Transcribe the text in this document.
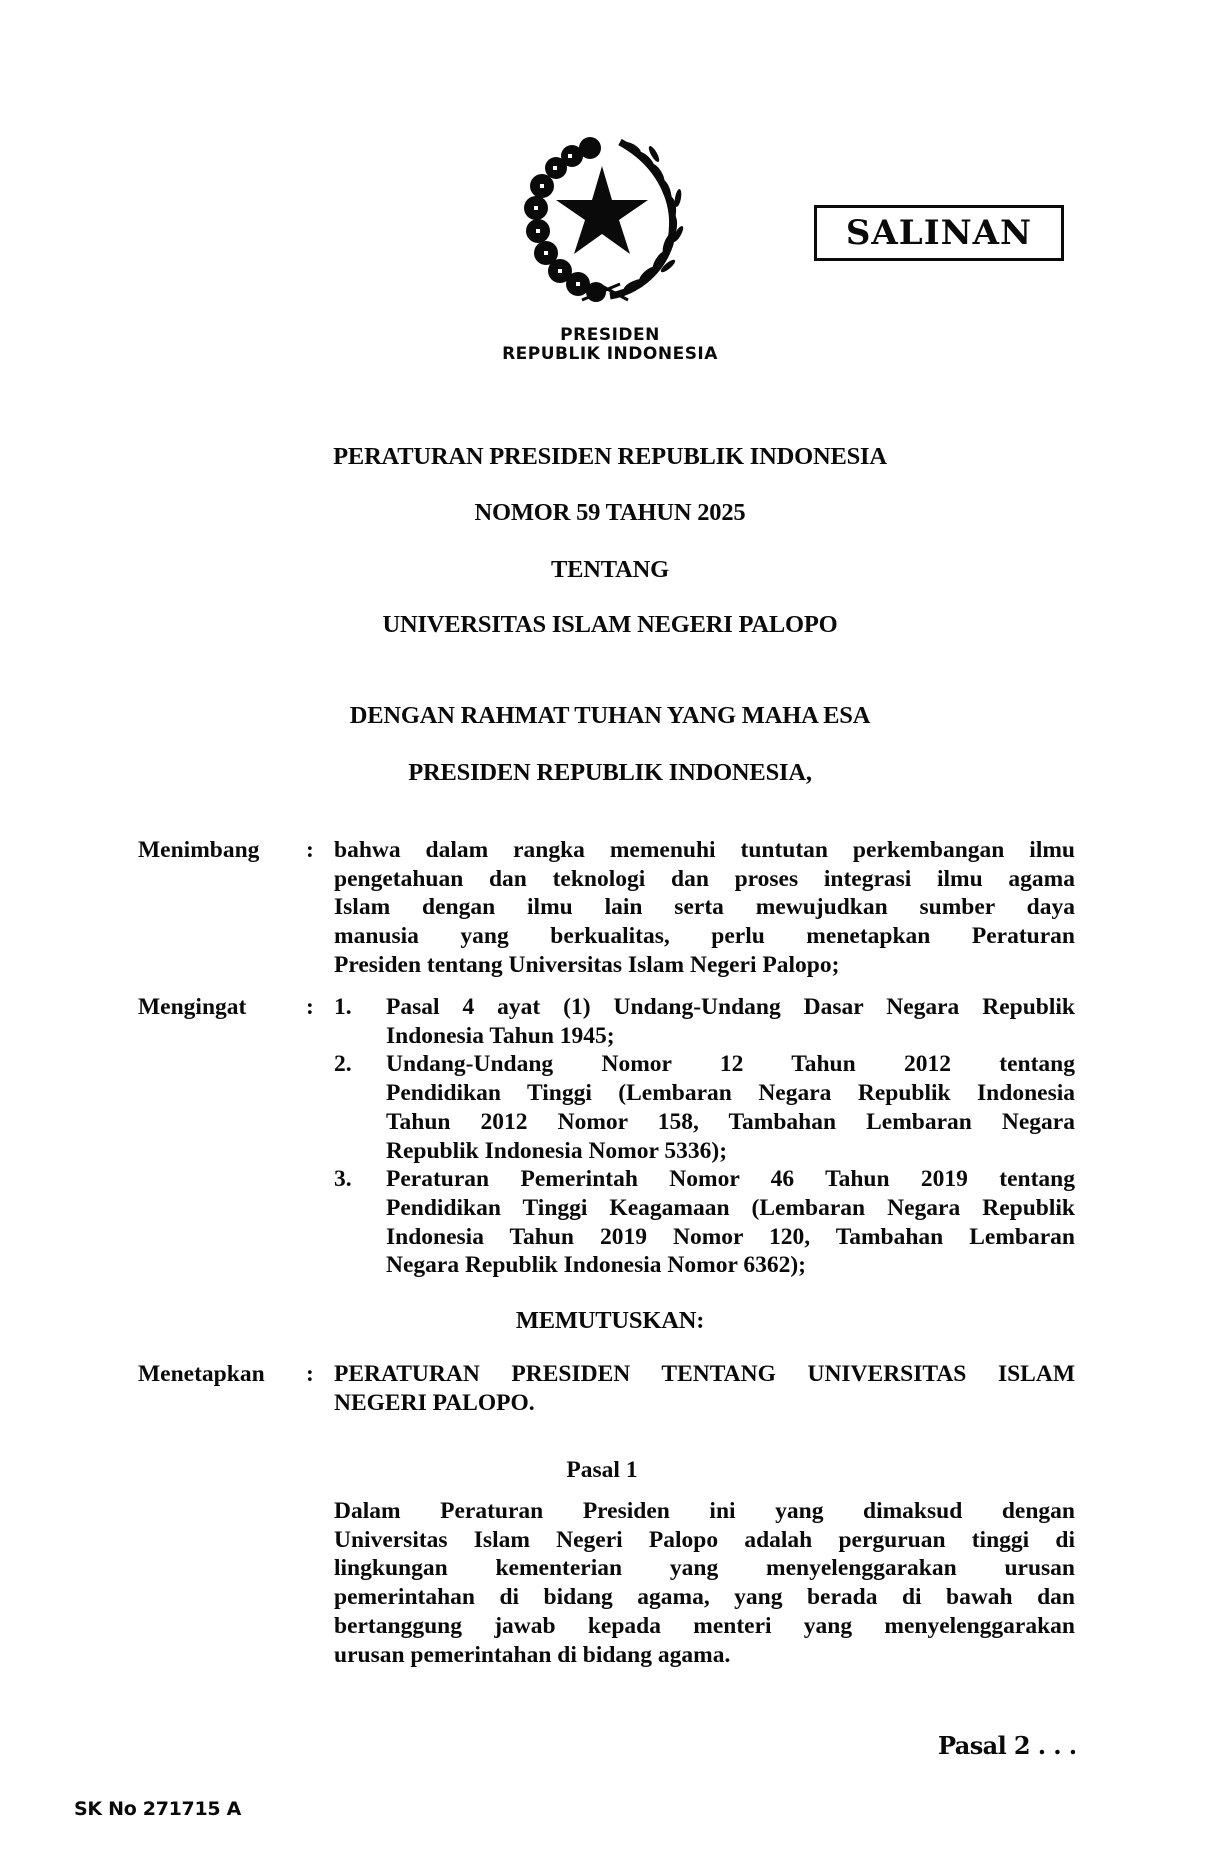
PRESIDEN
REPUBLIK INDONESIA
SALINAN
PERATURAN PRESIDEN REPUBLIK INDONESIA
NOMOR 59 TAHUN 2025
TENTANG
UNIVERSITAS ISLAM NEGERI PALOPO
DENGAN RAHMAT TUHAN YANG MAHA ESA
PRESIDEN REPUBLIK INDONESIA,
Menimbang : bahwa dalam rangka memenuhi tuntutan perkembangan ilmu
pengetahuan dan teknologi dan proses integrasi ilmu agama
Islam dengan ilmu lain serta mewujudkan sumber daya
manusia yang berkualitas, perlu menetapkan Peraturan
Presiden tentang Universitas Islam Negeri Palopo;
Mengingat	: 1. Pasal 4 ayat (1) Undang-Undang Dasar Negara Republik
Indonesia Tahun 1945;
2. Undang-Undang Nomor 12 Tahun 2012 tentang
Pendidikan Tinggi (Lembaran Negara Republik Indonesia
Tahun 2012 Nomor 158, Tambahan Lembaran Negara
Republik Indonesia Nomor 5336);
3. Peraturan Pemerintah Nomor 46 Tahun 2019 tentang
Pendidikan Tinggi Keagamaan (Lembaran Negara Republik
Indonesia Tahun 2019 Nomor 120, Tambahan Lembaran
Negara Republik Indonesia Nomor 6362);
MEMUTUSKAN:
Menetapkan : PERATURAN PRESIDEN TENTANG UNIVERSITAS ISLAM
NEGERI PALOPO.
Pasal 1
Dalam Peraturan Presiden ini yang dimaksud dengan
Universitas Islam Negeri Palopo adalah perguruan tinggi di
lingkungan kementerian yang menyelenggarakan urusan
pemerintahan di bidang agama, yang berada di bawah dan
bertanggung jawab kepada menteri yang menyelenggarakan
urusan pemerintahan di bidang agama.
Pasal 2 . . .
SK No 271715 A
